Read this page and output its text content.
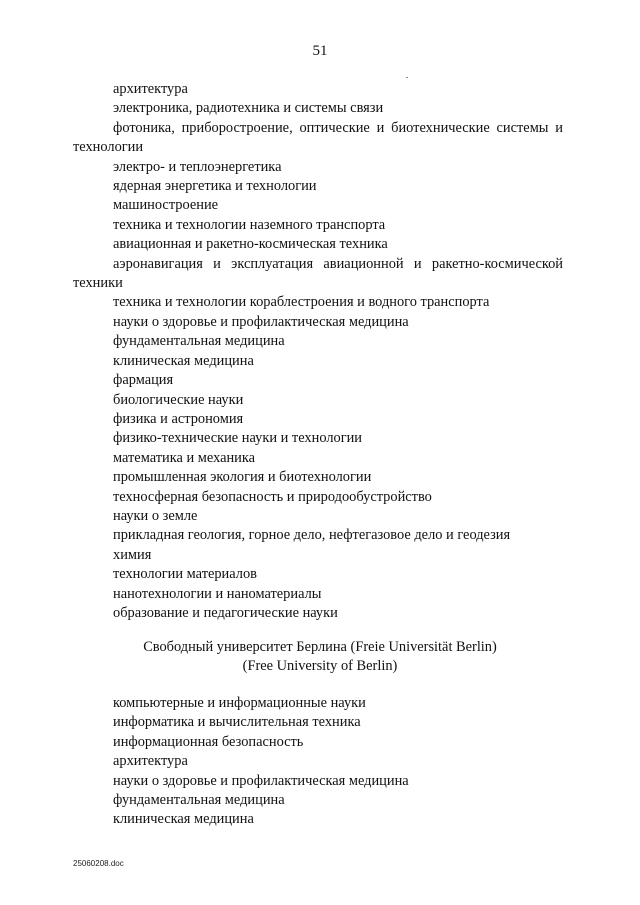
51

архитектура

электроника, радиотехника и системы связи

фотоника, приборостроение, оптические и биотехнические системы и технологии

электро- и теплоэнергетика

ядерная энергетика и технологии

машиностроение

техника и технологии наземного транспорта

авиационная и ракетно-космическая техника

аэронавигация и эксплуатация авиационной и ракетно-космической техники

техника и технологии кораблестроения и водного транспорта

науки о здоровье и профилактическая медицина

фундаментальная медицина

клиническая медицина

фармация

биологические науки

физика и астрономия

физико-технические науки и технологии

математика и механика

промышленная экология и биотехнологии

техносферная безопасность и природообустройство

науки о земле

прикладная геология, горное дело, нефтегазовое дело и геодезия

химия

технологии материалов

нанотехнологии и наноматериалы

образование и педагогические науки

Свободный университет Берлина (Freie Universität Berlin)
(Free University of Berlin)

компьютерные и информационные науки

информатика и вычислительная техника

информационная безопасность

архитектура

науки о здоровье и профилактическая медицина

фундаментальная медицина

клиническая медицина

25060208.doc
